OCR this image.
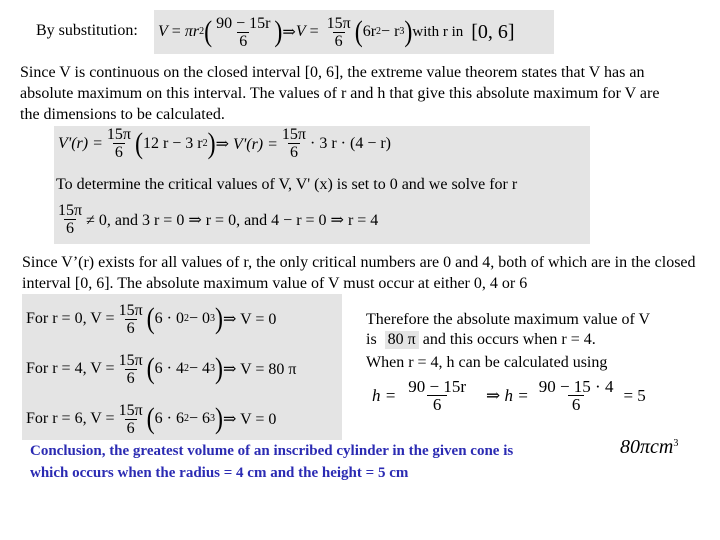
By substitution: V
=
πr 2 ( $\frac{90 - 15r}{6}$ ) ⇒ V
= $\frac{15\pi}{6}$ ( 6r 2 − r 3 ) with r in
[0, 6]
Since V is continuous on the closed interval [0, 6], the extreme value theorem states that V has an absolute maximum on this interval. The values of r and h that give this absolute maximum for V are the dimensions to be calculated.
$V'(r) = \frac{15\pi}{6}$ ( 12 r − 3 r 2 ) ⇒ $V'(r) = \frac{15\pi}{6} \cdot 3$ r · (4 − r)
To determine the critical values of V, V' (x) is set to 0 and we solve for r
$\frac{15\pi}{6} \ne 0$, and 3 r = 0 ⇒ r = 0, and 4 − r = 0 ⇒ r = 4
Since V’(r) exists for all values of r, the only critical numbers are 0 and 4, both of which are in the closed interval [0, 6]. The absolute maximum value of V must occur at either 0, 4 or 6
For r = 0, $V = \frac{15\pi}{6}$ ( 6 · 0 2 − 0 3 ) ⇒ V = 0
For r = 4, $V = \frac{15\pi}{6}$ ( 6 · 4 2 − 4 3 ) ⇒ V = 80 π
For r = 6, $V = \frac{15\pi}{6}$ ( 6 · 6 2 − 6 3 ) ⇒ V = 0
Therefore the absolute maximum value of V
is
80 π
and this occurs when r = 4.
When r = 4, h can be calculated using
$h = \frac{90 - 15r}{6}$ ⇒ $h = \frac{90 - 15 \cdot 4}{6} = 5$
Conclusion, the greatest volume of an inscribed cylinder in the given cone is	80πcm$^3$
which occurs when the radius = 4 cm and the height = 5 cm
